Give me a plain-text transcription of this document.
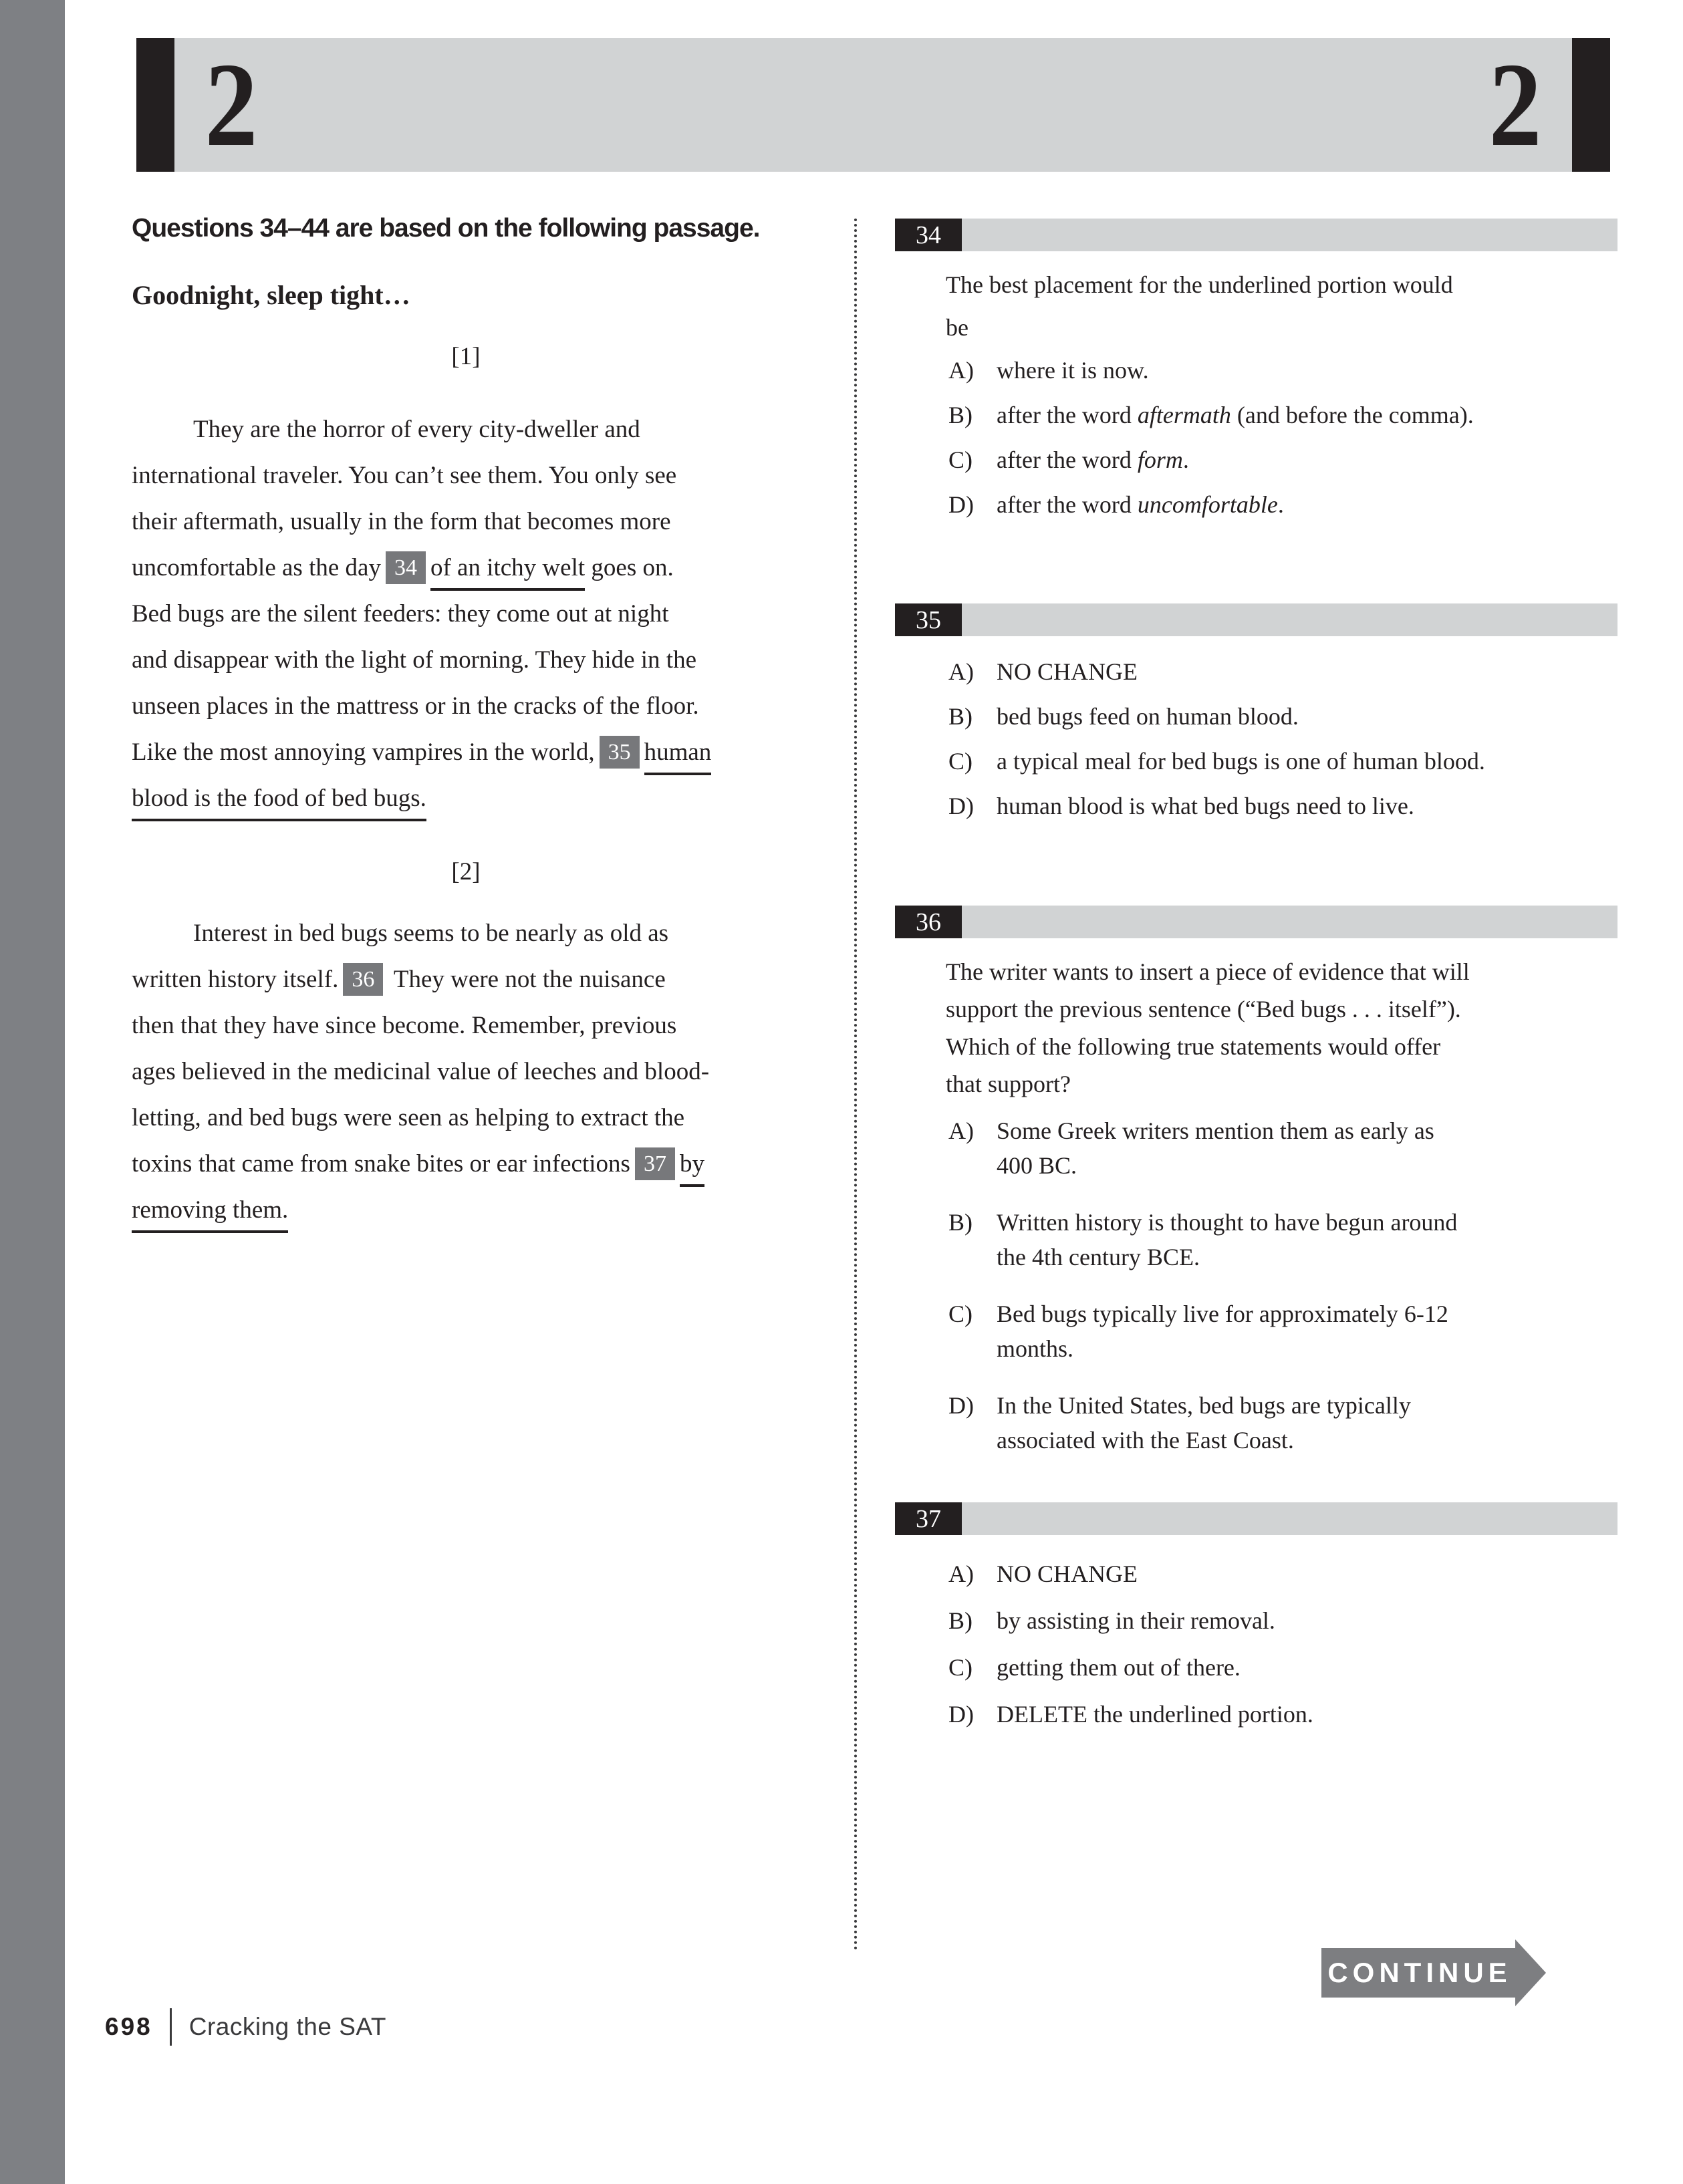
2	2
Questions 34–44 are based on the following passage.
Goodnight, sleep tight…
[1]
They are the horror of every city-dweller and
international traveler. You can’t see them. You only see
their aftermath, usually in the form that becomes more
uncomfortable as the day 34 of an itchy welt goes on.
Bed bugs are the silent feeders: they come out at night
and disappear with the light of morning. They hide in the
unseen places in the mattress or in the cracks of the floor.
Like the most annoying vampires in the world, 35 human
blood is the food of bed bugs.
[2]
Interest in bed bugs seems to be nearly as old as
written history itself. 36 They were not the nuisance
then that they have since become. Remember, previous
ages believed in the medicinal value of leeches and blood-
letting, and bed bugs were seen as helping to extract the
toxins that came from snake bites or ear infections 37 by
removing them.
34
The best placement for the underlined portion would
be
A) where it is now.
B)	after the word aftermath (and before the comma).
C)	after the word form.
D) after the word uncomfortable.
35
A) NO CHANGE
B)	bed bugs feed on human blood.
C)	a typical meal for bed bugs is one of human blood.
D) human blood is what bed bugs need to live.
36
The writer wants to insert a piece of evidence that will
support the previous sentence (“Bed bugs . . . itself”).
Which of the following true statements would offer
that support?
A) Some Greek writers mention them as early as
400 BC.
B)	Written history is thought to have begun around
the 4th century BCE.
C)	Bed bugs typically live for approximately 6-12
months.
D) In the United States, bed bugs are typically
associated with the East Coast.
37
A) NO CHANGE
B)	by assisting in their removal.
C)	getting them out of there.
D) DELETE the underlined portion.
CONTINUE
698 Cracking the SAT
